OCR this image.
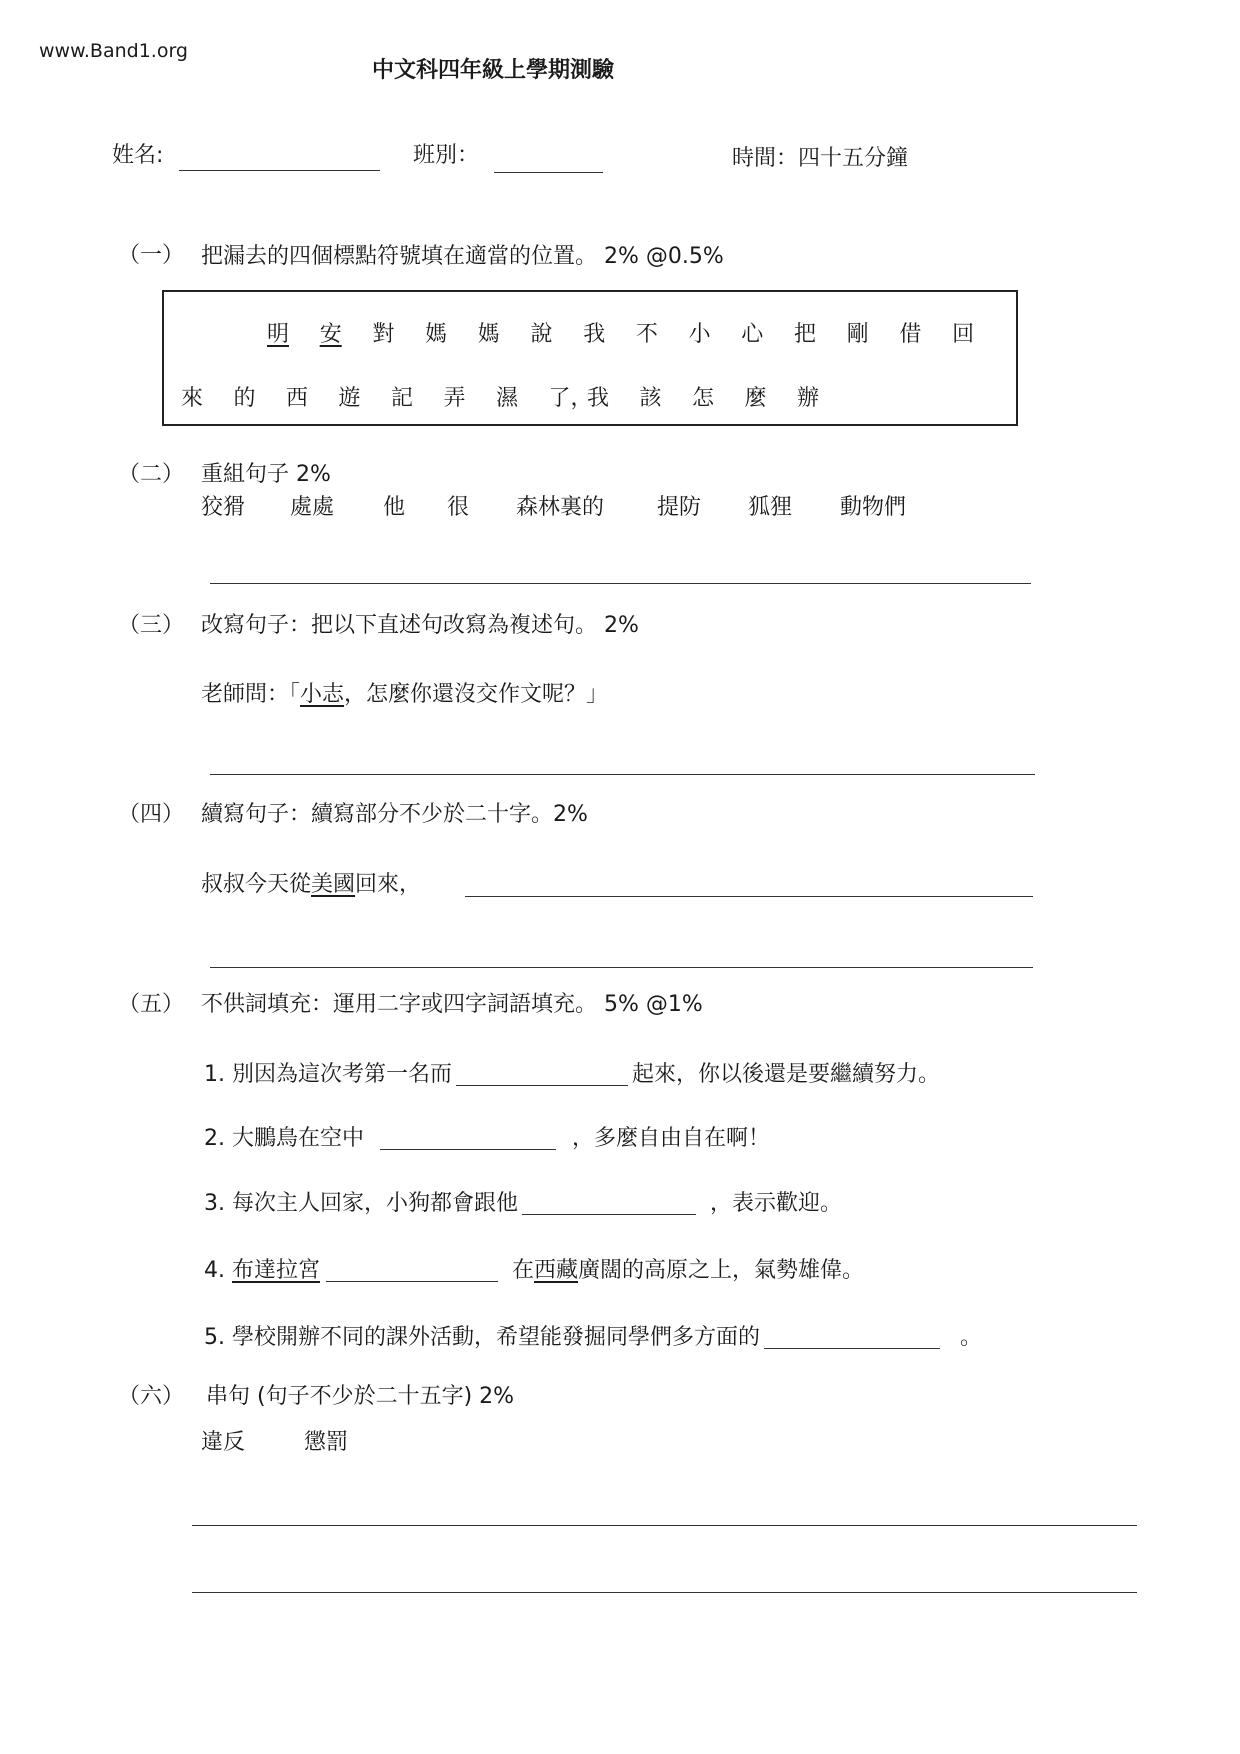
www.Band1.org
中文科四年級上學期測驗
姓名:	班別：	時間：四十五分鐘
（一） 把漏去的四個標點符號填在適當的位置。 2% @0.5%
明 安 對 媽 媽 說 我 不 小 心 把 剛 借 回
來 的 西 遊 記 弄 濕 了，
我 該 怎 麼 辦
（二） 重組句子 2%
狡猾 處處 他 很 森林裏的 提防 狐狸 動物們
（三） 改寫句子：把以下直述句改寫為複述句。 2%
老師問：「小志，怎麼你還沒交作文呢？」
（四） 續寫句子：續寫部分不少於二十字。2%
叔叔今天從美國回來，
（五） 不供詞填充：運用二字或四字詞語填充。 5% @1%
1. 別因為這次考第一名而	起來，你以後還是要繼續努力。
2. 大鵬鳥在空中	，多麼自由自在啊！
3. 每次主人回家，小狗都會跟他	，表示歡迎。
4. 布達拉宮	在西藏廣闊的高原之上，氣勢雄偉。
5. 學校開辦不同的課外活動，希望能發掘同學們多方面的	。
（六） 串句 (句子不少於二十五字) 2%
違反	懲罰
